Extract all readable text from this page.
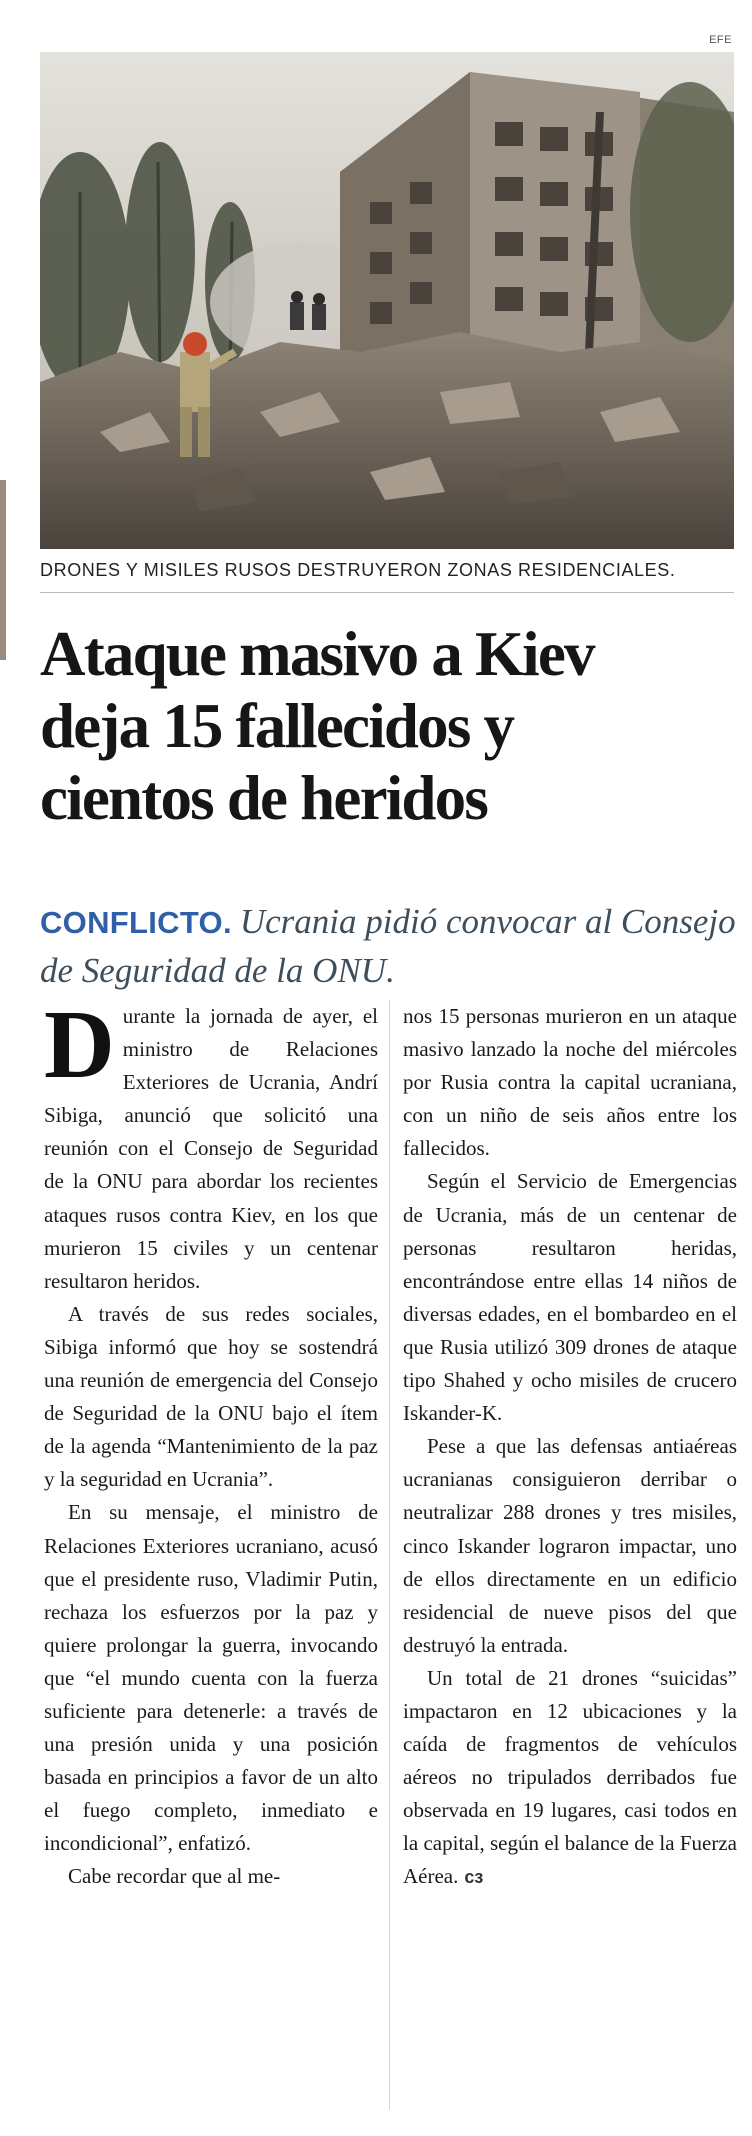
EFE
DRONES Y MISILES RUSOS DESTRUYERON ZONAS RESIDENCIALES.
Ataque masivo a Kiev
deja 15 fallecidos y
cientos de heridos

CONFLICTO. Ucrania pidió convocar al Consejo de Seguridad de la ONU.

Durante la jornada de ayer, el ministro de Relaciones Exteriores de Ucrania, Andrí Sibiga, anunció que solicitó una reunión con el Consejo de Seguridad de la ONU para abordar los recientes ataques rusos contra Kiev, en los que murieron 15 civiles y un centenar resultaron heridos.

A través de sus redes sociales, Sibiga informó que hoy se sostendrá una reunión de emergencia del Consejo de Seguridad de la ONU bajo el ítem de la agenda “Mantenimiento de la paz y la seguridad en Ucrania”.

En su mensaje, el ministro de Relaciones Exteriores ucraniano, acusó que el presidente ruso, Vladimir Putin, rechaza los esfuerzos por la paz y quiere prolongar la guerra, invocando que “el mundo cuenta con la fuerza suficiente para detenerle: a través de una presión unida y una posición basada en principios a favor de un alto el fuego completo, inmediato e incondicional”, enfatizó.

Cabe recordar que al me-

nos 15 personas murieron en un ataque masivo lanzado la noche del miércoles por Rusia contra la capital ucraniana, con un niño de seis años entre los fallecidos.

Según el Servicio de Emergencias de Ucrania, más de un centenar de personas resultaron heridas, encontrándose entre ellas 14 niños de diversas edades, en el bombardeo en el que Rusia utilizó 309 drones de ataque tipo Shahed y ocho misiles de crucero Iskander-K.

Pese a que las defensas antiaéreas ucranianas consiguieron derribar o neutralizar 288 drones y tres misiles, cinco Iskander lograron impactar, uno de ellos directamente en un edificio residencial de nueve pisos del que destruyó la entrada.

Un total de 21 drones “suicidas” impactaron en 12 ubicaciones y la caída de fragmentos de vehículos aéreos no tripulados derribados fue observada en 19 lugares, casi todos en la capital, según el balance de la Fuerza Aérea. ᴄᴈ
